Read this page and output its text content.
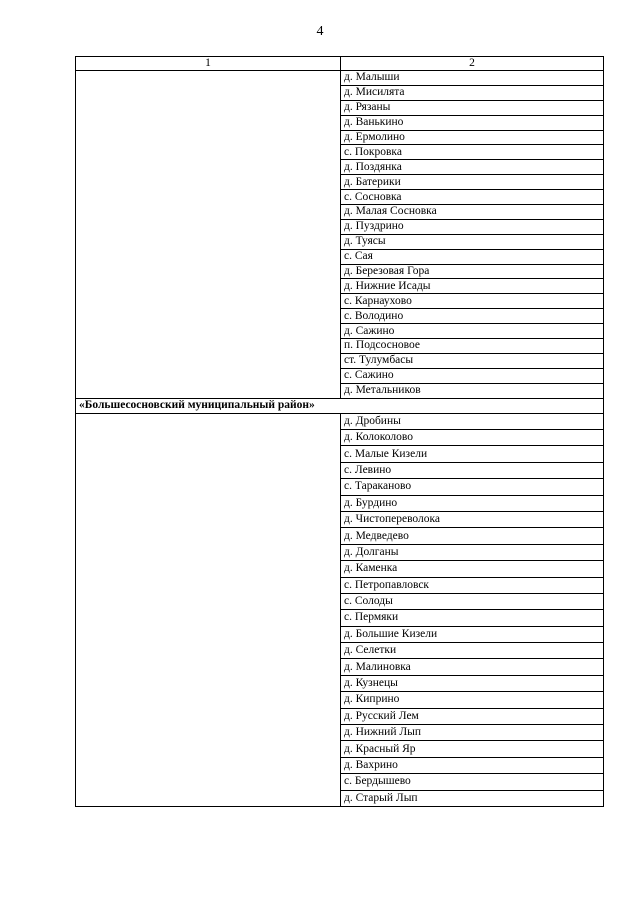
4
1	2
	д. Малыши
	д. Мисилята
	д. Рязаны
	д. Ванькино
	д. Ермолино
	с. Покровка
	д. Поздянка
	д. Батерики
	с. Сосновка
	д. Малая Сосновка
	д. Пуздрино
	д. Туясы
	с. Сая
	д. Березовая Гора
	д. Нижние Исады
	с. Карнаухово
	с. Володино
	д. Сажино
	п. Подсосновое
	ст. Тулумбасы
	с. Сажино
	д. Метальников
«Большесосновский муниципальный район»	
	д. Дробины
	д. Колоколово
	с. Малые Кизели
	с. Левино
	с. Тараканово
	д. Бурдино
	д. Чистопереволока
	д. Медведево
	д. Долганы
	д. Каменка
	с. Петропавловск
	с. Солоды
	с. Пермяки
	д. Большие Кизели
	д. Селетки
	д. Малиновка
	д. Кузнецы
	д. Киприно
	д. Русский Лем
	д. Нижний Лып
	д. Красный Яр
	д. Вахрино
	с. Бердышево
	д. Старый Лып
